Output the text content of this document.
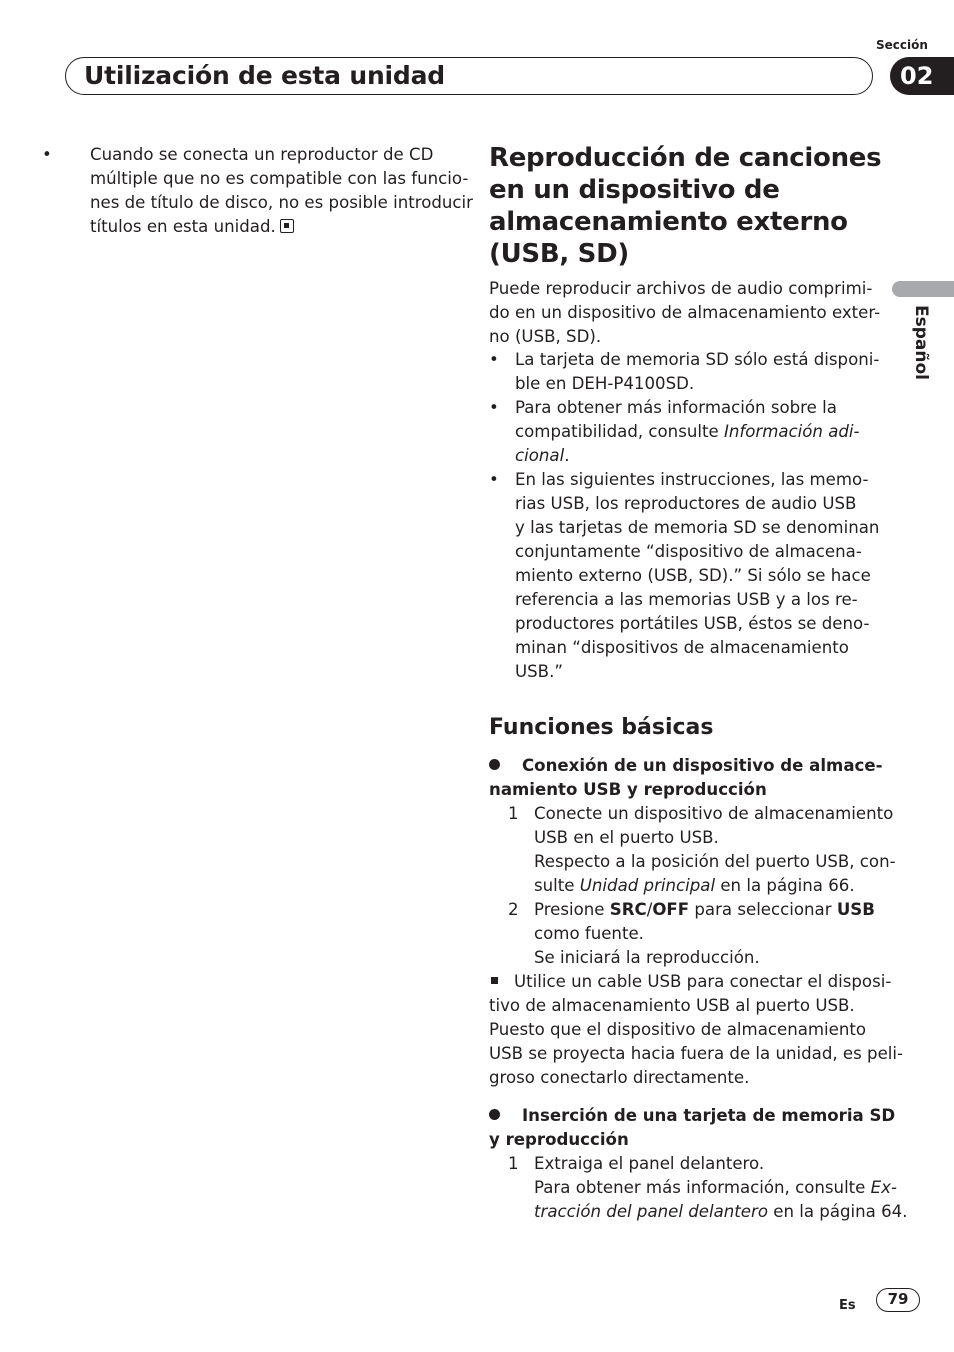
Sección
Utilización de esta unidad	02
Español
• Cuando se conecta un reproductor de CD
múltiple que no es compatible con las funcio-
nes de título de disco, no es posible introducir
títulos en esta unidad.
Reproducción de canciones
en un dispositivo de
almacenamiento externo
(USB, SD)
Puede reproducir archivos de audio comprimi-
do en un dispositivo de almacenamiento exter-
no (USB, SD).
• La tarjeta de memoria SD sólo está disponi-
ble en DEH-P4100SD.
• Para obtener más información sobre la
compatibilidad, consulte Información adi-
cional.
• En las siguientes instrucciones, las memo-
rias USB, los reproductores de audio USB
y las tarjetas de memoria SD se denominan
conjuntamente “dispositivo de almacena-
miento externo (USB, SD).” Si sólo se hace
referencia a las memorias USB y a los re-
productores portátiles USB, éstos se deno-
minan “dispositivos de almacenamiento
USB.”
Funciones básicas
Conexión de un dispositivo de almace-
namiento USB y reproducción
1 Conecte un dispositivo de almacenamiento
USB en el puerto USB.
Respecto a la posición del puerto USB, con-
sulte Unidad principal en la página 66.
2 Presione SRC/OFF para seleccionar USB
como fuente.
Se iniciará la reproducción.
Utilice un cable USB para conectar el disposi-
tivo de almacenamiento USB al puerto USB.
Puesto que el dispositivo de almacenamiento
USB se proyecta hacia fuera de la unidad, es peli-
groso conectarlo directamente.
Inserción de una tarjeta de memoria SD
y reproducción
1 Extraiga el panel delantero.
Para obtener más información, consulte Ex-
tracción del panel delantero en la página 64.
Es	79
